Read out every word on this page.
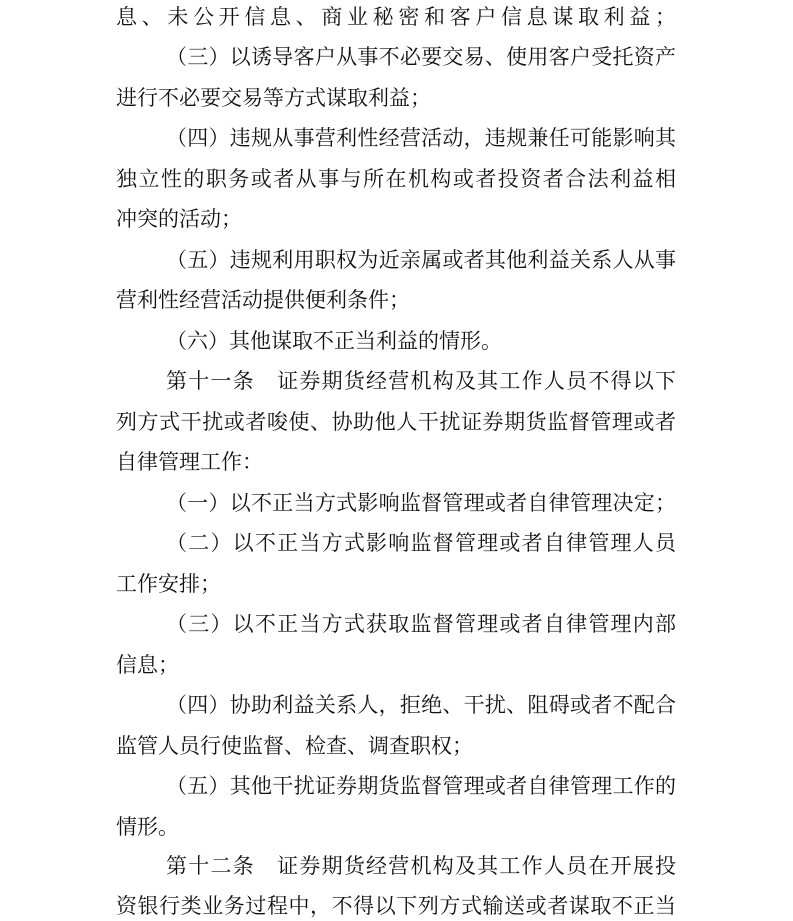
息、未公开信息、商业秘密和客户信息谋取利益；
（三）以诱导客户从事不必要交易、使用客户受托资产
进行不必要交易等方式谋取利益；
（四）违规从事营利性经营活动，违规兼任可能影响其
独立性的职务或者从事与所在机构或者投资者合法利益相
冲突的活动；
（五）违规利用职权为近亲属或者其他利益关系人从事
营利性经营活动提供便利条件；
（六）其他谋取不正当利益的情形。
第十一条　证券期货经营机构及其工作人员不得以下
列方式干扰或者唆使、协助他人干扰证券期货监督管理或者
自律管理工作：
（一）以不正当方式影响监督管理或者自律管理决定；
（二）以不正当方式影响监督管理或者自律管理人员
工作安排；
（三）以不正当方式获取监督管理或者自律管理内部
信息；
（四）协助利益关系人，拒绝、干扰、阻碍或者不配合
监管人员行使监督、检查、调查职权；
（五）其他干扰证券期货监督管理或者自律管理工作的
情形。
第十二条　证券期货经营机构及其工作人员在开展投
资银行类业务过程中，不得以下列方式输送或者谋取不正当
